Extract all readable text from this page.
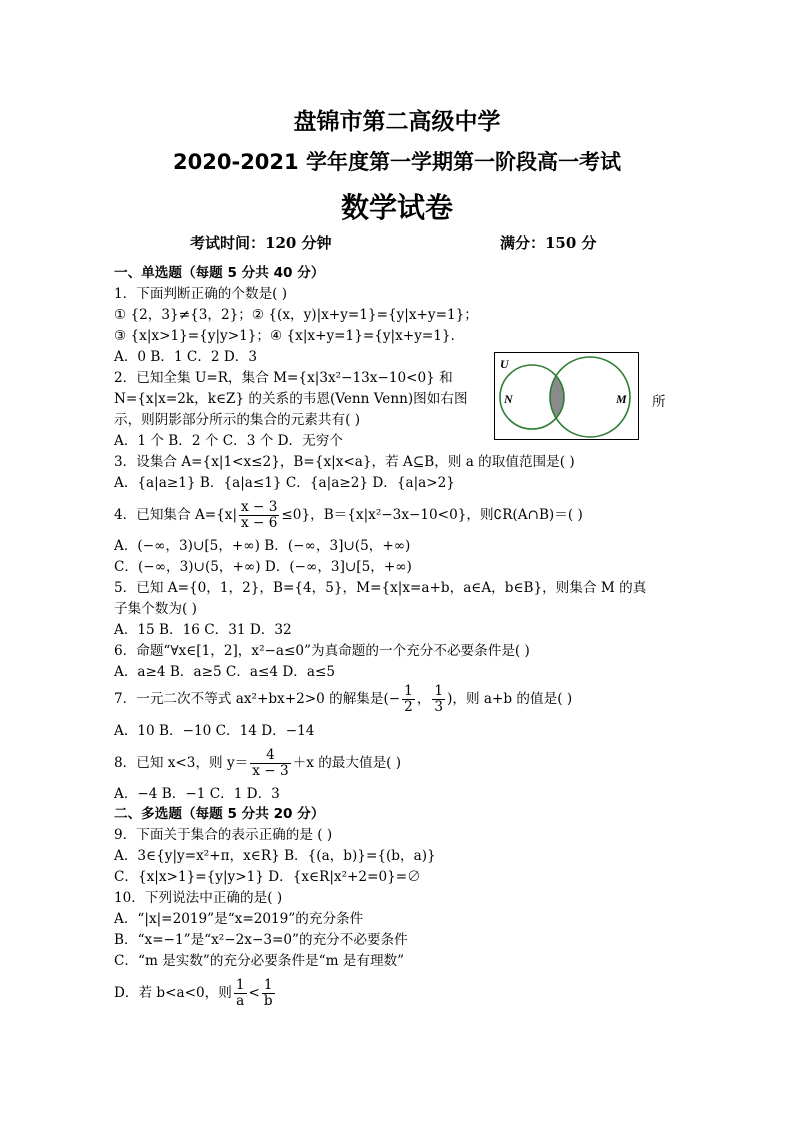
盘锦市第二高级中学
2020-2021 学年度第一学期第一阶段高一考试
数学试卷
考试时间：120 分钟	满分：150 分
一、单选题（每题 5 分共 40 分）
1．下面判断正确的个数是( )
① {2，3}≠{3，2}；② {(x，y)|x+y=1}={y|x+y=1}；
③ {x|x>1}={y|y>1}；④ {x|x+y=1}={y|x+y=1}．
A．0 B．1 C．2 D．3
2．已知全集 U=R，集合 M={x|3x²−13x−10<0} 和
N={x|x=2k，k∈Z} 的关系的韦恩(Venn Venn)图如右图
示，则阴影部分所示的集合的元素共有( )
A．1 个 B．2 个 C．3 个 D．无穷个
所
U
N	M
3．设集合 A={x|1<x≤2}，B={x|x<a}，若 A⊆B，则 a 的取值范围是( )
A．{a|a≥1} B．{a|a≤1} C．{a|a≥2} D．{a|a>2}
4．已知集合 $A=\{x| \frac{x - 3}{x - 6} \le 0\}$，B＝{x|x²−3x−10<0}，则∁R(A∩B)＝( )
A．(−∞，3)∪[5，+∞) B．(−∞，3]∪(5，+∞)
C．(−∞，3)∪(5，+∞) D．(−∞，3]∪[5，+∞)
5．已知 A={0，1，2}，B={4，5}，M={x|x=a+b，a∈A，b∈B}，则集合 M 的真
子集个数为( )
A．15 B．16 C．31 D．32
6．命题“∀x∈[1，2]，x²−a≤0”为真命题的一个充分不必要条件是( )
A．a≥4 B．a≥5 C．a≤4 D．a≤5
7．一元二次不等式 ax²+bx+2>0 的解集是(− $\frac{1}{2}$ ， $\frac{1}{3}$ )，则 a+b 的值是( )
A．10 B．−10 C．14 D．−14
8．已知 x<3，则 $y= \frac{4}{x - 3} +x$ 的最大值是( )
A．−4 B．−1 C．1 D．3
二、多选题（每题 5 分共 20 分）
9．下面关于集合的表示正确的是 ( )
A．3∈{y|y=x²+π，x∈R} B．{(a，b)}={(b，a)}
C．{x|x>1}={y|y>1} D．{x∈R|x²+2=0}=∅
10．下列说法中正确的是( )
A．“|x|=2019”是“x=2019”的充分条件
B．“x=−1”是“x²−2x−3=0”的充分不必要条件
C．“m 是实数”的充分必要条件是“m 是有理数”
D．若 b<a<0，则 $\frac{1}{a} < \frac{1}{b}$
